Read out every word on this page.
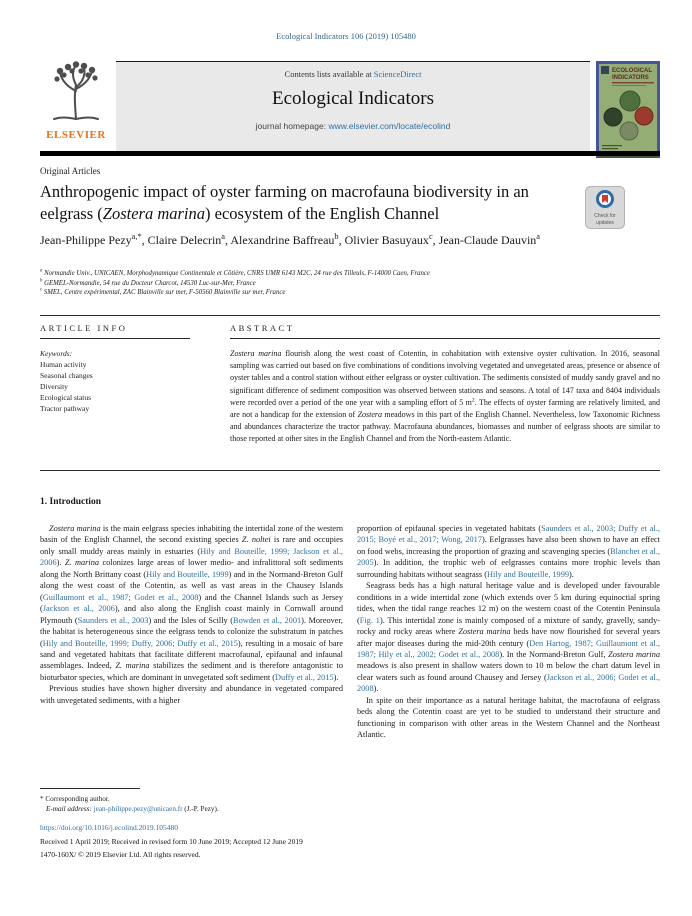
Ecological Indicators 106 (2019) 105480
ELSEVIER
Contents lists available at ScienceDirect
Ecological Indicators
journal homepage: www.elsevier.com/locate/ecolind
ECOLOGICAL
INDICATORS
Original Articles
Anthropogenic impact of oyster farming on macrofauna biodiversity in an eelgrass (Zostera marina) ecosystem of the English Channel	Check for
updates
Jean-Philippe Pezy$^{a,*}$, Claire Delecrin$^a$, Alexandrine Baffreau$^b$, Olivier Basuyaux$^c$, Jean-Claude Dauvin$^a$
$^a$ Normandie Univ., UNICAEN, Morphodynamique Continentale et Côtière, CNRS UMR 6143 M2C, 24 rue des Tilleuls, F-14000 Caen, France
$^b$ GEMEL-Normandie, 54 rue du Docteur Charcot, 14530 Luc-sur-Mer, France
$^c$ SMEL, Centre expérimental, ZAC Blainville sur mer, F-50560 Blainville sur mer, France
ARTICLE INFO
Keywords:
Human activity
Seasonal changes
Diversity
Ecological status
Tractor pathway
ABSTRACT
Zostera marina flourish along the west coast of Cotentin, in cohabitation with extensive oyster cultivation. In 2016, seasonal sampling was carried out based on five combinations of conditions involving vegetated and unvegetated areas, presence or absence of oyster tables and a control station without either eelgrass or oyster cultivation. The sediments consisted of muddy sandy gravel and no significant difference of sediment composition was observed between stations and seasons. A total of 147 taxa and 8404 individuals were recorded over a period of the one year with a sampling effort of 5 $m^2$. The effects of oyster farming are relatively limited, and are not a handicap for the extension of Zostera meadows in this part of the English Channel. Nevertheless, low Taxonomic Richness and abundances characterize the tractor pathway. Macrofauna abundances, biomasses and number of eelgrass shoots are similar to those reported at other sites in the English Channel and from the North-eastern Atlantic.
1. Introduction

Zostera marina is the main eelgrass species inhabiting the intertidal zone of the western basin of the English Channel, the second existing species Z. noltei is rare and occupies only small muddy areas mainly in estuaries (Hily and Bouteille, 1999; Jackson et al., 2006). Z. marina colonizes large areas of lower medio- and infralittoral soft sediments along the North Brittany coast (Hily and Bouteille, 1999) and in the Normand-Breton Gulf along the west coast of the Cotentin, as well as vast areas in the Chausey Islands (Guillaumont et al., 1987; Godet et al., 2008) and the Channel Islands such as Jersey (Jackson et al., 2006), and also along the English coast mainly in Cornwall around Plymouth (Saunders et al., 2003) and the Isles of Scilly (Bowden et al., 2001). Moreover, the habitat is heterogeneous since the eelgrass tends to colonize the substratum in patches (Hily and Bouteille, 1999; Duffy, 2006; Duffy et al., 2015), resulting in a mosaic of bare sand and vegetated habitats that facilitate different macrofaunal, epifaunal and infaunal assemblages. Indeed, Z. marina stabilizes the sediment and is therefore antagonistic to bioturbator species, which are dominant in unvegetated soft sediment (Duffy et al., 2015).

Previous studies have shown higher diversity and abundance in vegetated compared with unvegetated sediments, with a higher

proportion of epifaunal species in vegetated habitats (Saunders et al., 2003; Duffy et al., 2015; Boyé et al., 2017; Wong, 2017). Eelgrasses have also been shown to have an effect on food webs, increasing the proportion of grazing and scavenging species (Blanchet et al., 2005). In addition, the trophic web of eelgrasses contains more trophic levels than surrounding habitats without seagrass (Hily and Bouteille, 1999).

Seagrass beds has a high natural heritage value and is developed under favourable conditions in a wide intertidal zone (which extends over 5 km during equinoctial spring tides, when the tidal range reaches 12 m) on the western coast of the Cotentin Peninsula (Fig. 1). This intertidal zone is mainly composed of a mixture of sandy, gravelly, sandy-rocky and rocky areas where Zostera marina beds have now flourished for several years after major diseases during the mid-20th century (Den Hartog, 1987; Guillaumont et al., 1987; Hily et al., 2002; Godet et al., 2008). In the Normand-Breton Gulf, Zostera marina meadows is also present in shallow waters down to 10 m below the chart datum level in clear waters such as found around Chausey and Jersey (Jackson et al., 2006; Godet et al., 2008).

In spite on their importance as a natural heritage habitat, the macrofauna of eelgrass beds along the Cotentin coast are yet to be studied to understand their structure and functioning in comparison with other areas in the Western Channel and the Northeast Atlantic.

* Corresponding author.
E-mail address: jean-philippe.pezy@unicaen.fr (J.-P. Pezy).
https://doi.org/10.1016/j.ecolind.2019.105480
Received 1 April 2019; Received in revised form 10 June 2019; Accepted 12 June 2019
1470-160X/ © 2019 Elsevier Ltd. All rights reserved.
